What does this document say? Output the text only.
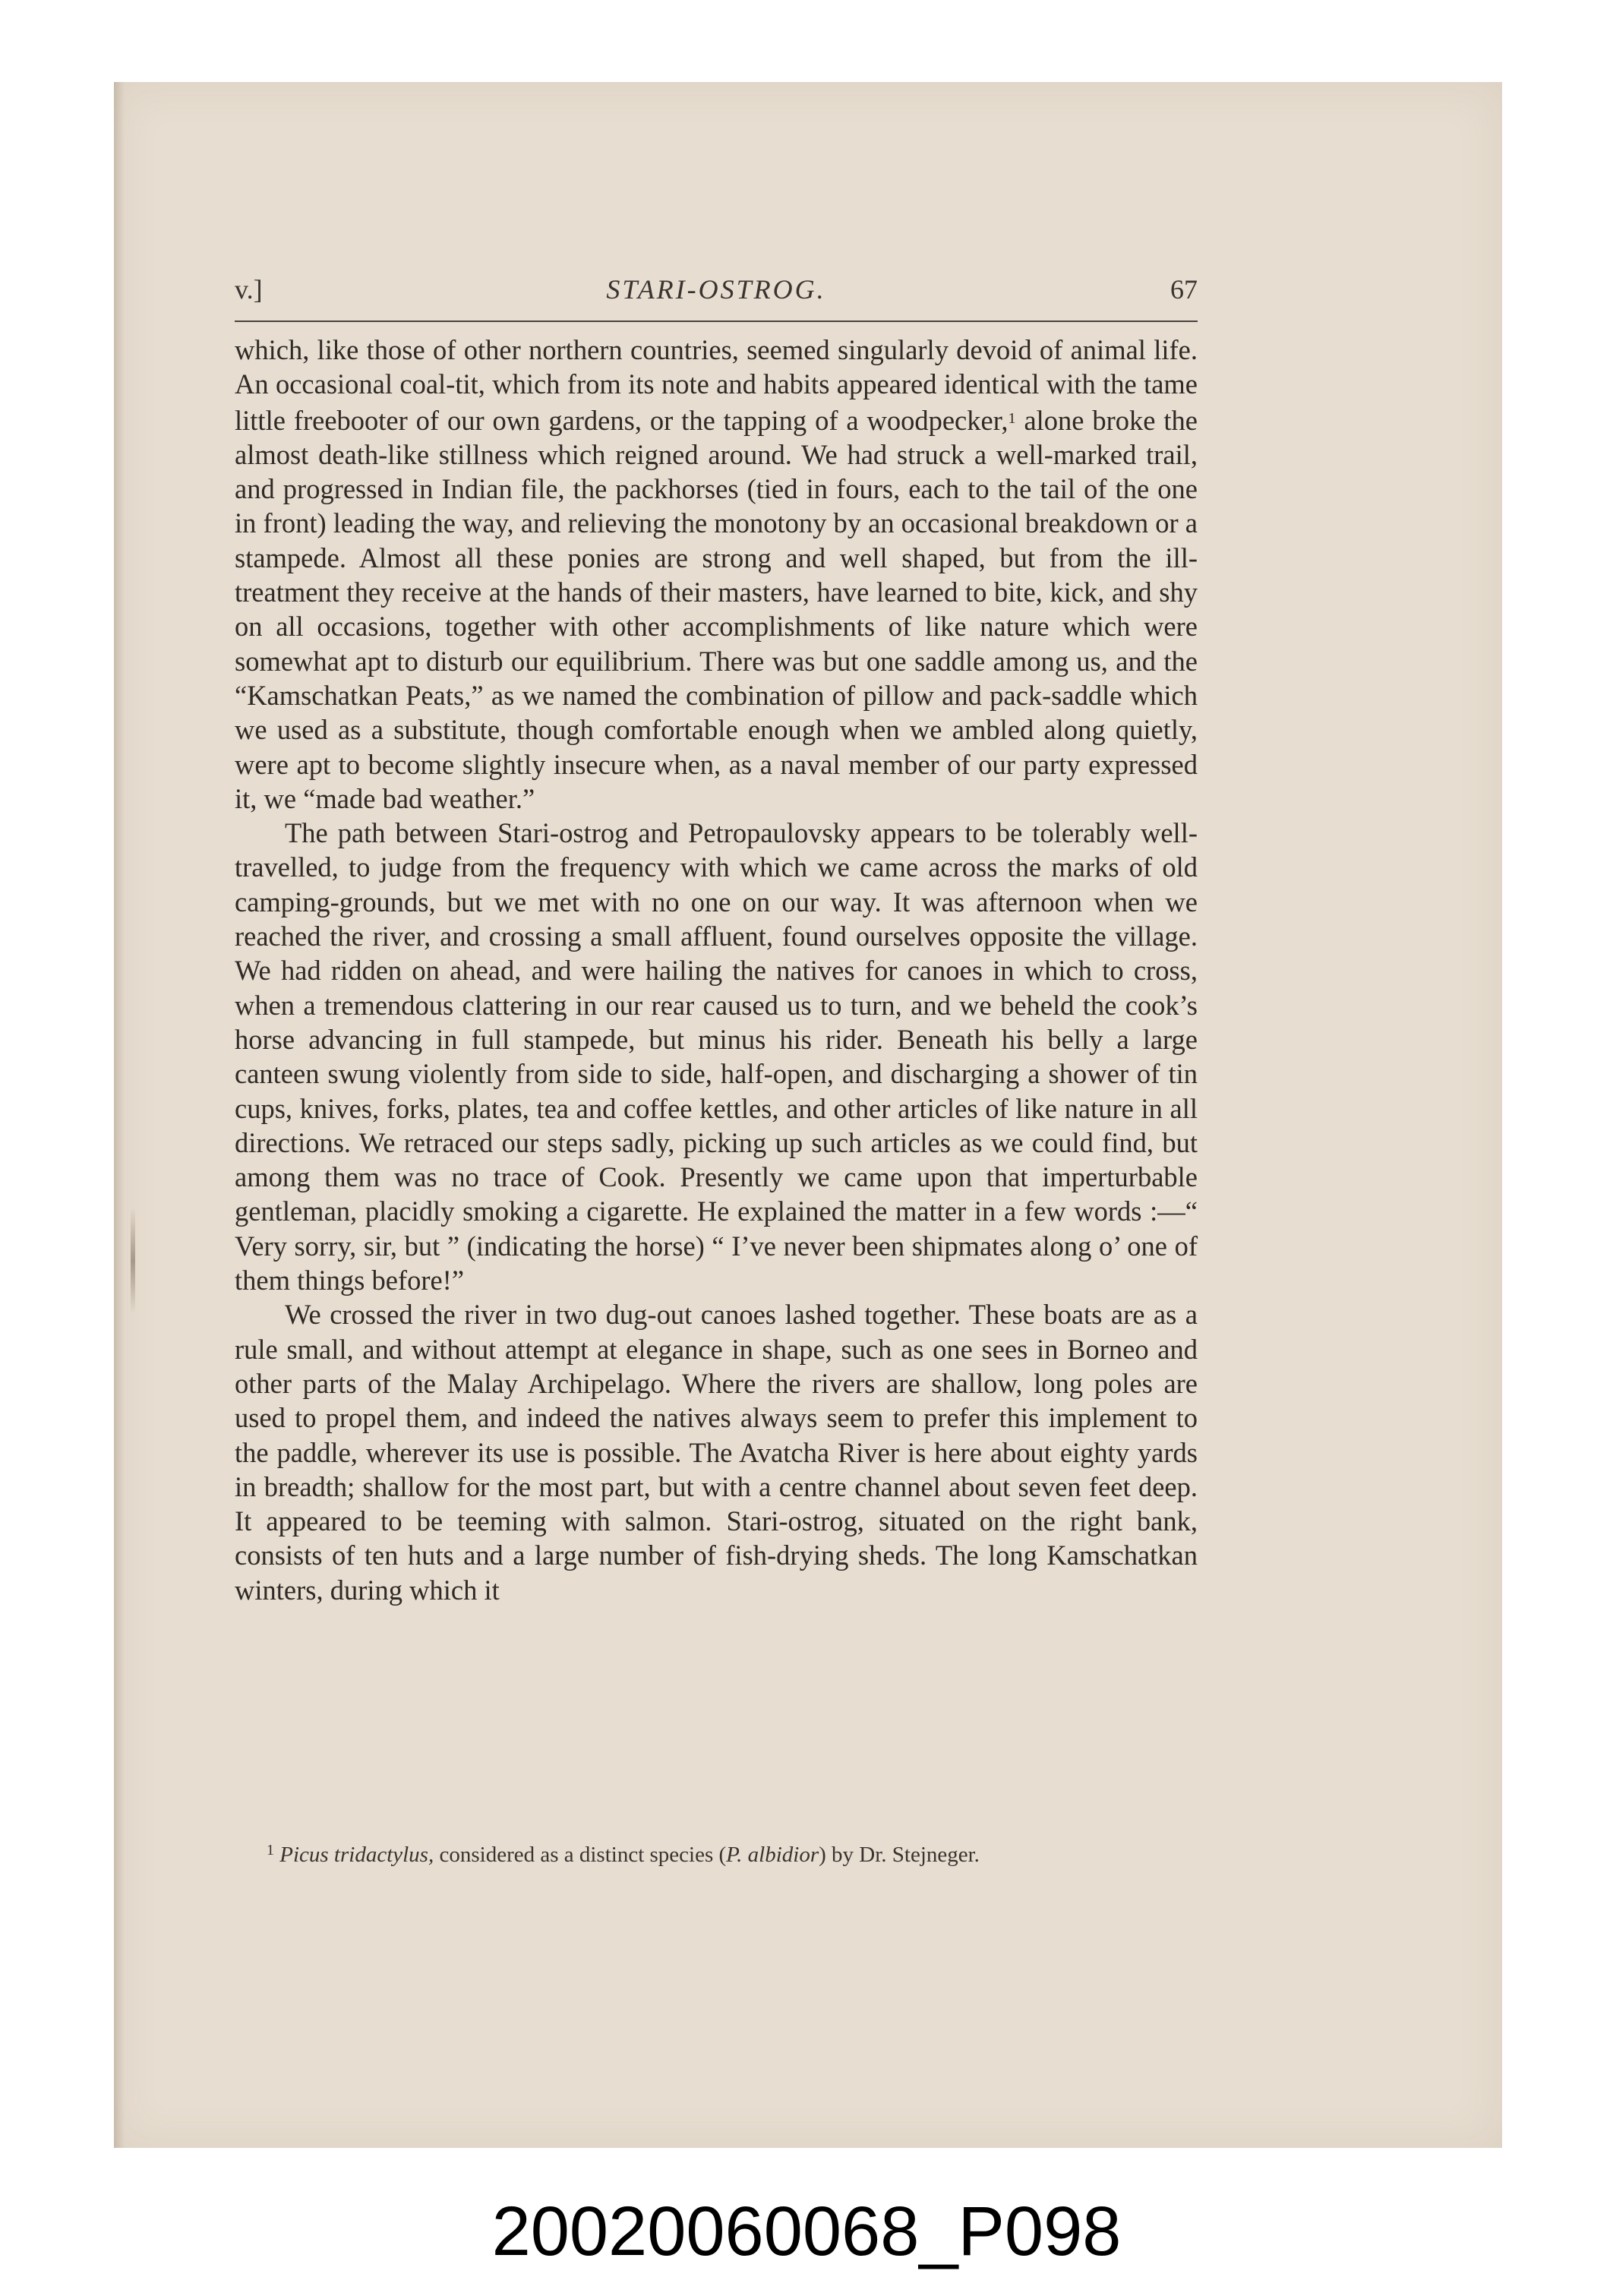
v.]	STARI-OSTROG.	67

which, like those of other northern countries, seemed singularly devoid of animal life. An occasional coal-tit, which from its note and habits appeared identical with the tame little freebooter of our own gardens, or the tapping of a woodpecker,$^1$ alone broke the almost death-like stillness which reigned around. We had struck a well-marked trail, and progressed in Indian file, the packhorses (tied in fours, each to the tail of the one in front) leading the way, and relieving the monotony by an occasional breakdown or a stampede. Almost all these ponies are strong and well shaped, but from the ill-treatment they receive at the hands of their masters, have learned to bite, kick, and shy on all occasions, together with other accomplishments of like nature which were somewhat apt to disturb our equilibrium. There was but one saddle among us, and the “Kamschatkan Peats,” as we named the combination of pillow and pack-saddle which we used as a substitute, though comfortable enough when we ambled along quietly, were apt to become slightly insecure when, as a naval member of our party expressed it, we “made bad weather.”

The path between Stari-ostrog and Petropaulovsky appears to be tolerably well-travelled, to judge from the frequency with which we came across the marks of old camping-grounds, but we met with no one on our way. It was afternoon when we reached the river, and crossing a small affluent, found ourselves opposite the village. We had ridden on ahead, and were hailing the natives for canoes in which to cross, when a tremendous clattering in our rear caused us to turn, and we beheld the cook’s horse advancing in full stampede, but minus his rider. Beneath his belly a large canteen swung violently from side to side, half-open, and discharging a shower of tin cups, knives, forks, plates, tea and coffee kettles, and other articles of like nature in all directions. We retraced our steps sadly, picking up such articles as we could find, but among them was no trace of Cook. Presently we came upon that imperturbable gentleman, placidly smoking a cigarette. He explained the matter in a few words :—“ Very sorry, sir, but ” (indicating the horse) “ I’ve never been shipmates along o’ one of them things before!”

We crossed the river in two dug-out canoes lashed together. These boats are as a rule small, and without attempt at elegance in shape, such as one sees in Borneo and other parts of the Malay Archipelago. Where the rivers are shallow, long poles are used to propel them, and indeed the natives always seem to prefer this implement to the paddle, wherever its use is possible. The Avatcha River is here about eighty yards in breadth; shallow for the most part, but with a centre channel about seven feet deep. It appeared to be teeming with salmon. Stari-ostrog, situated on the right bank, consists of ten huts and a large number of fish-drying sheds. The long Kamschatkan winters, during which it

$^1$ Picus tridactylus, considered as a distinct species (P. albidior) by Dr. Stejneger.
20020060068_P098
